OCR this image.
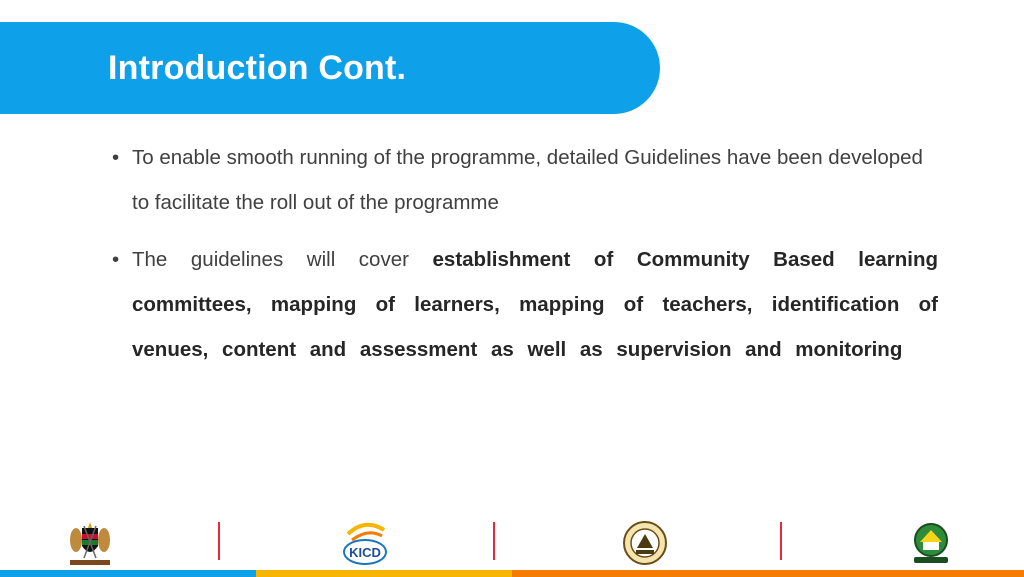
Introduction Cont.
• To enable smooth running of the programme, detailed Guidelines have been developed to facilitate the roll out of the programme
• The guidelines will cover establishment of Community Based learning committees, mapping of learners, mapping of teachers, identification of venues, content and assessment as well as supervision and monitoring
KICD
